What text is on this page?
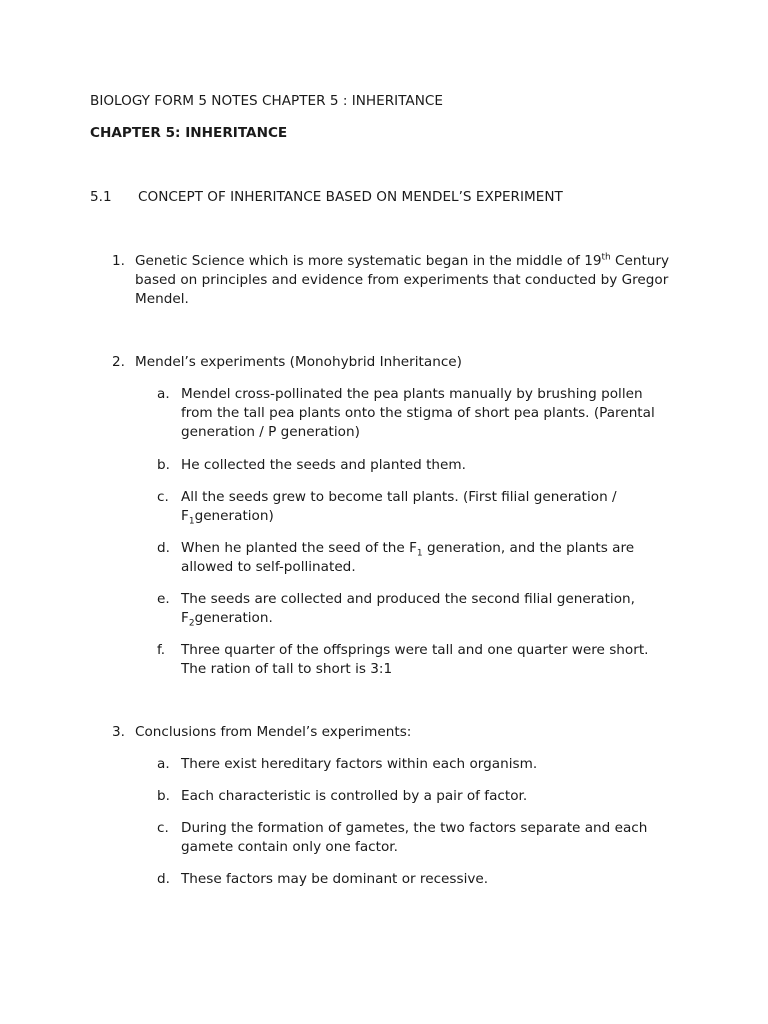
BIOLOGY FORM 5 NOTES CHAPTER 5 : INHERITANCE
CHAPTER 5: INHERITANCE
5.1 CONCEPT OF INHERITANCE BASED ON MENDEL’S EXPERIMENT
1. Genetic Science which is more systematic began in the middle of 19th Century
based on principles and evidence from experiments that conducted by Gregor
Mendel.
2. Mendel’s experiments (Monohybrid Inheritance)
a. Mendel cross-pollinated the pea plants manually by brushing pollen
from the tall pea plants onto the stigma of short pea plants. (Parental
generation / P generation)
b. He collected the seeds and planted them.
c. All the seeds grew to become tall plants. (First filial generation /
$F_1generation$)
d. When he planted the seed of the $F_1$ generation, and the plants are
allowed to self-pollinated.
e. The seeds are collected and produced the second filial generation,
$F_2generation$.
f. Three quarter of the offsprings were tall and one quarter were short.
The ration of tall to short is 3:1
3. Conclusions from Mendel’s experiments:
a. There exist hereditary factors within each organism.
b. Each characteristic is controlled by a pair of factor.
c. During the formation of gametes, the two factors separate and each
gamete contain only one factor.
d. These factors may be dominant or recessive.
